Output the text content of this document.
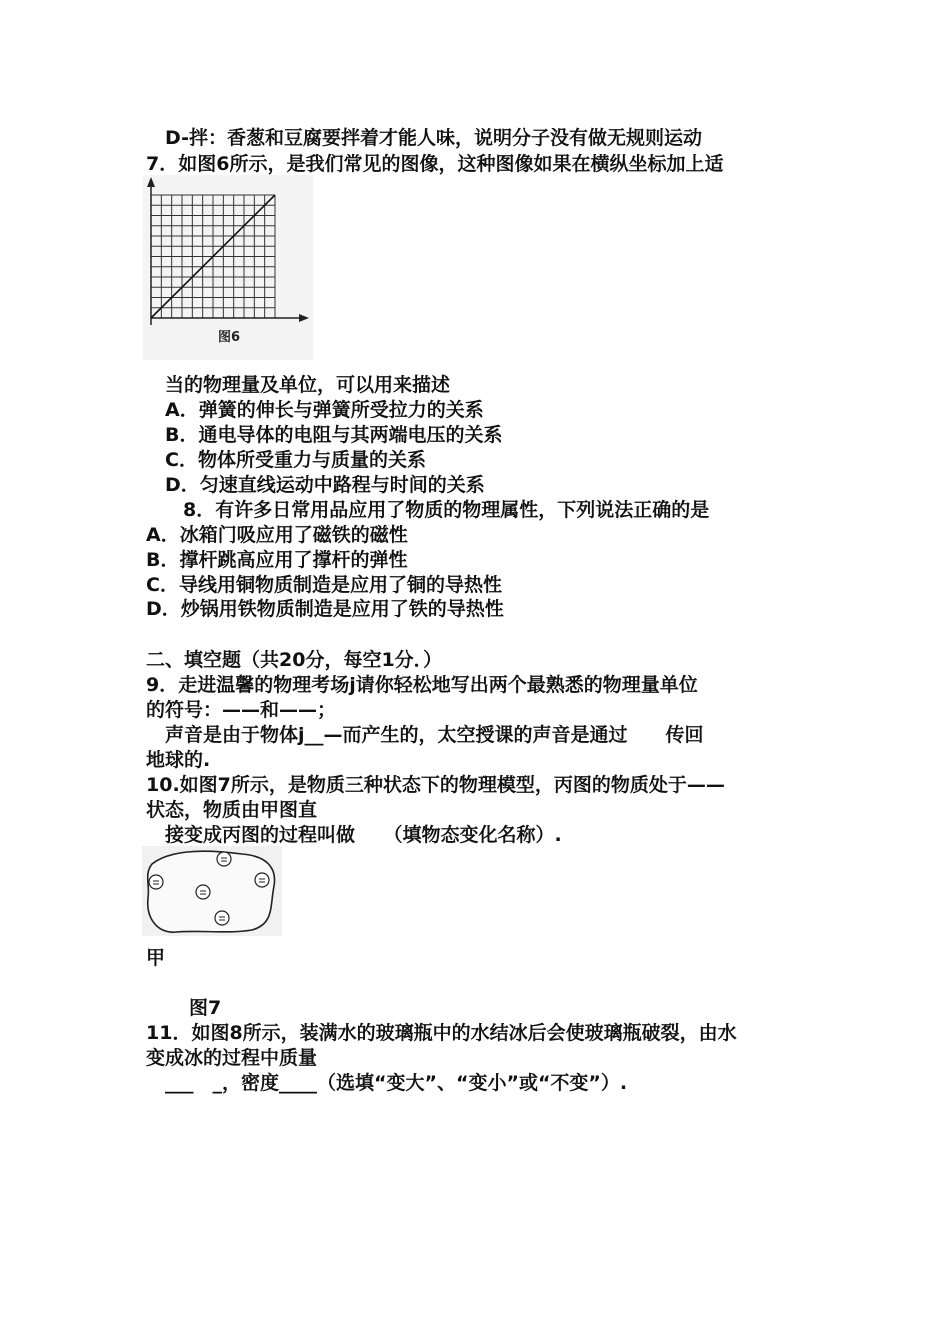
D-拌：香葱和豆腐要拌着才能人味，说明分子没有做无规则运动
7．如图6所示，是我们常见的图像，这种图像如果在横纵坐标加上适
图6
当的物理量及单位，可以用来描述
A．弹簧的伸长与弹簧所受拉力的关系
B．通电导体的电阻与其两端电压的关系
C．物体所受重力与质量的关系
D．匀速直线运动中路程与时间的关系
8．有许多日常用品应用了物质的物理属性，下列说法正确的是
A．冰箱门吸应用了磁铁的磁性
B．撑杆跳高应用了撑杆的弹性
C．导线用铜物质制造是应用了铜的导热性
D．炒锅用铁物质制造是应用了铁的导热性
二、填空题（共20分，每空1分．）
9．走进温馨的物理考场j请你轻松地写出两个最熟悉的物理量单位
的符号：——和——；
声音是由于物体j__—而产生的，太空授课的声音是通过　　传回
地球的.
10.如图7所示，是物质三种状态下的物理模型，丙图的物质处于——
状态，物质由甲图直
接变成丙图的过程叫做　　（填物态变化名称）.
甲
图7
11．如图8所示，装满水的玻璃瓶中的水结冰后会使玻璃瓶破裂，由水
变成冰的过程中质量
___　_，密度____（选填“变大”、“变小”或“不变”）.
